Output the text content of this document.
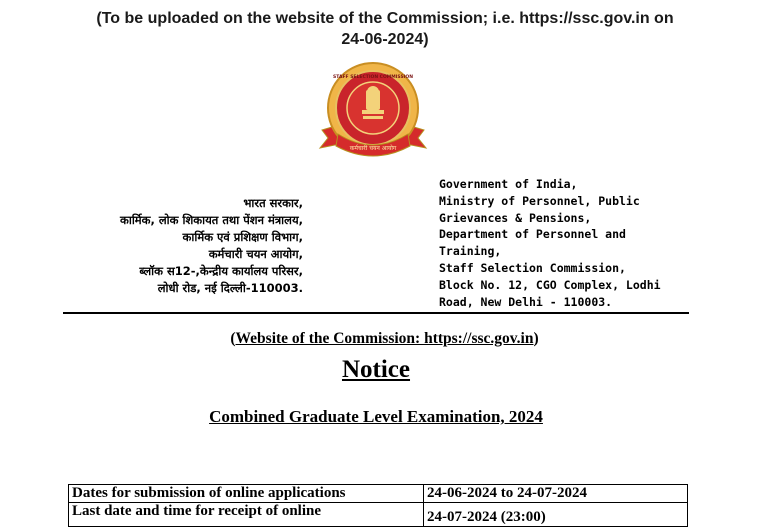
(To be uploaded on the website of the Commission; i.e. https://ssc.gov.in on
24-06-2024)
कर्मचारी चयन आयोग
STAFF SELECTION COMMISSION
भारत सरकार,
कार्मिक, लोक शिकायत तथा पेंशन मंत्रालय,
कार्मिक एवं प्रशिक्षण विभाग,
कर्मचारी चयन आयोग,
ब्लॉक स12-,केन्द्रीय कार्यालय परिसर,
लोधी रोड, नई दिल्ली-110003.
Government of India,
Ministry of Personnel, Public
Grievances & Pensions,
Department of Personnel and
Training,
Staff Selection Commission,
Block No. 12, CGO Complex, Lodhi
Road, New Delhi - 110003.
(Website of the Commission: https://ssc.gov.in)
Notice
Combined Graduate Level Examination, 2024
Dates for submission of online applications	24-06-2024 to 24-07-2024
Last date and time for receipt of online	24-07-2024 (23:00)
